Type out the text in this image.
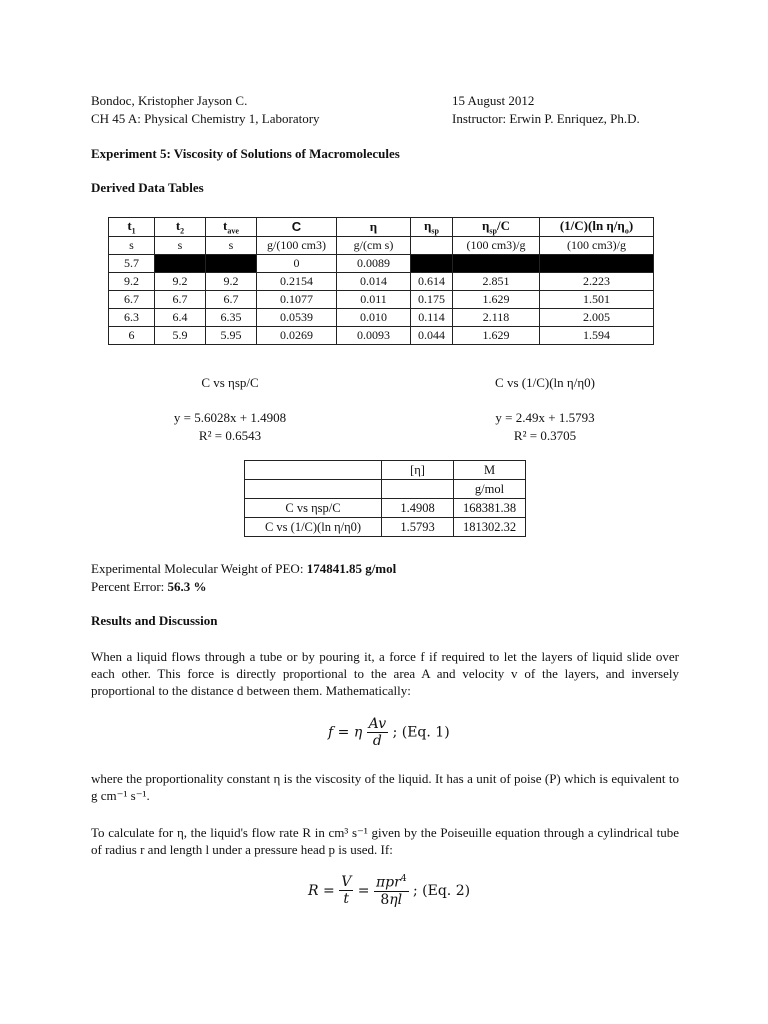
Bondoc, Kristopher Jayson C.	15 August 2012
CH 45 A: Physical Chemistry 1, Laboratory	Instructor: Erwin P. Enriquez, Ph.D.
Experiment 5: Viscosity of Solutions of Macromolecules
Derived Data Tables
$t_1$	$t_2$	$t_{ave}$	C	η	$\eta_{sp}$	$\eta_{sp}/C$	(1/C)(ln $\eta/\eta_o$)
s	s	s	g/(100 cm3)	g/(cm s)		(100 cm3)/g	(100 cm3)/g
5.7			0	0.0089			
9.2	9.2	9.2	0.2154	0.014	0.614	2.851	2.223
6.7	6.7	6.7	0.1077	0.011	0.175	1.629	1.501
6.3	6.4	6.35	0.0539	0.010	0.114	2.118	2.005
6	5.9	5.95	0.0269	0.0093	0.044	1.629	1.594
C vs ηsp/C
y = 5.6028x + 1.4908
R² = 0.6543
C vs (1/C)(ln η/η0)
y = 2.49x + 1.5793
R² = 0.3705
	[η]	M
		g/mol
C vs ηsp/C	1.4908	168381.38
C vs (1/C)(ln η/η0)	1.5793	181302.32
Experimental Molecular Weight of PEO: 174841.85 g/mol
Percent Error: 56.3 %
Results and Discussion
When a liquid flows through a tube or by pouring it, a force f if required to let the layers of liquid slide over each other. This force is directly proportional to the area A and velocity v of the layers, and inversely proportional to the distance d between them. Mathematically:
f = η $\frac{Av}{d}$ ; (Eq. 1)
where the proportionality constant η is the viscosity of the liquid. It has a unit of poise (P) which is equivalent to g cm⁻¹ s⁻¹.
To calculate for η, the liquid's flow rate R in cm³ s⁻¹ given by the Poiseuille equation through a cylindrical tube of radius r and length l under a pressure head p is used. If:
$R = \frac{V}{t} = \frac{\pi pr^4}{8\eta l}$ ; (Eq. 2)
